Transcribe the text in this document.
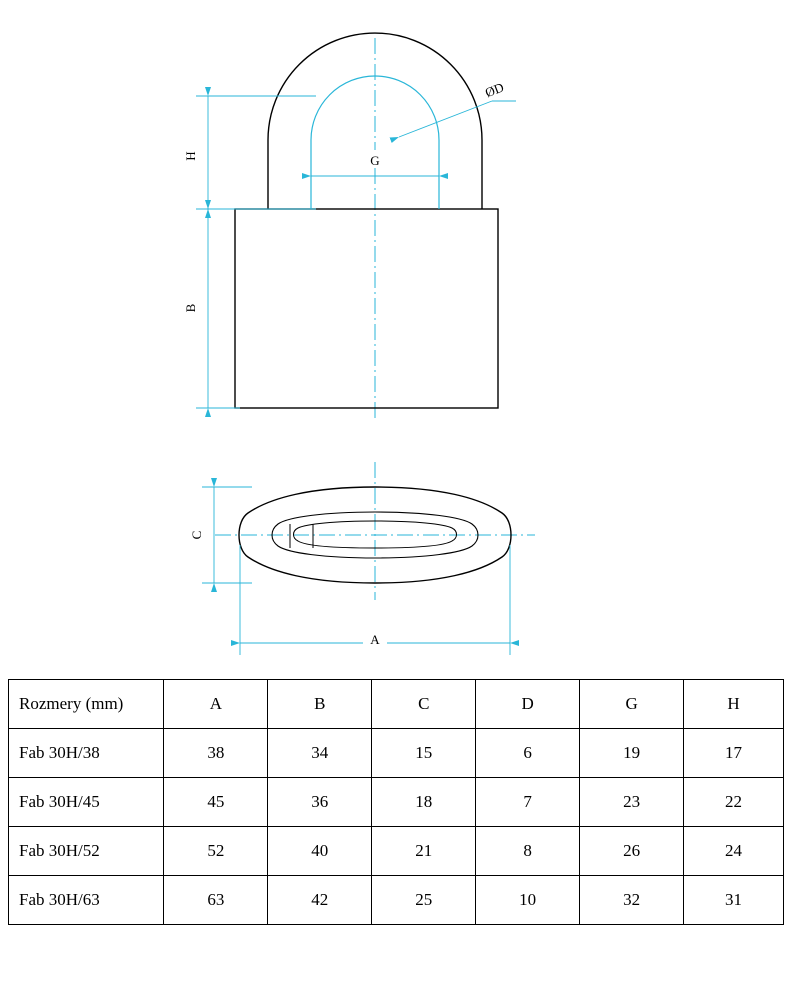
H
B
G
ØD
C
A
Rozmery (mm)	A	B	C	D	G	H
Fab 30H/38	38	34	15	6	19	17
Fab 30H/45	45	36	18	7	23	22
Fab 30H/52	52	40	21	8	26	24
Fab 30H/63	63	42	25	10	32	31
